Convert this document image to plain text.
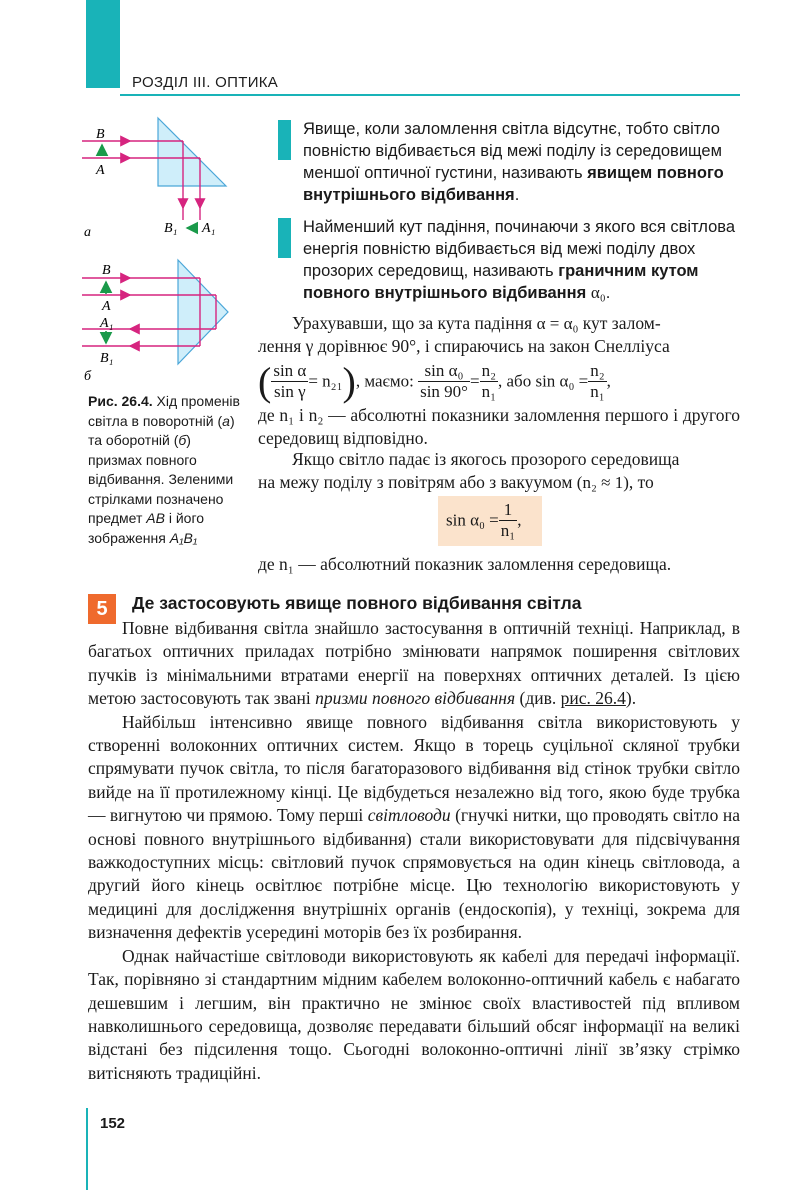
РОЗДІЛ ІІІ. ОПТИКА
B
A
B₁ A₁
а
B
A
A₁
B₁
б
Рис. 26.4. Хід променів світла в поворотній (а) та оборотній (б) призмах повного відбивання. Зеленими стрілками позначено предмет AB і його зображення A₁B₁
Явище, коли заломлення світла відсутнє, тобто світло повністю відбивається від межі поділу із середовищем меншої оптичної густини, називають явищем повного внутрішнього відбивання.
Найменший кут падіння, починаючи з якого вся світлова енергія повністю відбивається від межі поділу двох прозорих середовищ, називають граничним кутом повного внутрішнього відбивання α₀.

Урахувавши, що за кута падіння α = α₀ кут залом-

лення γ дорівнює 90°, і спираючись на закон Снелліуса
( $\frac{\text{sin α}}{\text{sin γ}} = n_{21}$), маємо: $\frac{\text{sin α₀}}{\sin 90^\circ} = \frac{\text{n₂}}{\text{n₁}}$ , або $\sin \alpha_0 = \frac{\text{n₂}}{\text{n₁}}$ ,
де n₁ і n₂ — абсолютні показники заломлення першого і другого середовищ відповідно.

Якщо світло падає із якогось прозорого середовища

на межу поділу з повітрям або з вакуумом (n₂ ≈ 1), то
$\sin \alpha_0 = \frac{1}{\text{n₁}}$ ,
де n₁ — абсолютний показник заломлення середовища.
5	Де застосовують явище повного відбивання світла

Повне відбивання світла знайшло застосування в оптичній техніці. Наприклад, в багатьох оптичних приладах потрібно змінювати напрямок поширення світлових пучків із мінімальними втратами енергії на поверхнях оптичних деталей. Із цією метою застосовують так звані призми повного відбивання (див. рис. 26.4).

Найбільш інтенсивно явище повного відбивання світла використовують у створенні волоконних оптичних систем. Якщо в торець суцільної скляної трубки спрямувати пучок світла, то після багаторазового відбивання від стінок трубки світло вийде на її протилежному кінці. Це відбудеться незалежно від того, якою буде трубка — вигнутою чи прямою. Тому перші світловоди (гнучкі нитки, що проводять світло на основі повного внутрішнього відбивання) стали використовувати для підсвічування важкодоступних місць: світловий пучок спрямовується на один кінець світловода, а другий його кінець освітлює потрібне місце. Цю технологію використовують у медицині для дослідження внутрішніх органів (ендоскопія), у техніці, зокрема для визначення дефектів усередині моторів без їх розбирання.

Однак найчастіше світловоди використовують як кабелі для передачі інформації. Так, порівняно зі стандартним мідним кабелем волоконно-оптичний кабель є набагато дешевшим і легшим, він практично не змінює своїх властивостей під впливом навколишнього середовища, дозволяє передавати більший обсяг інформації на великі відстані без підсилення тощо. Сьогодні волоконно-оптичні лінії зв’язку стрімко витісняють традиційні.

152
